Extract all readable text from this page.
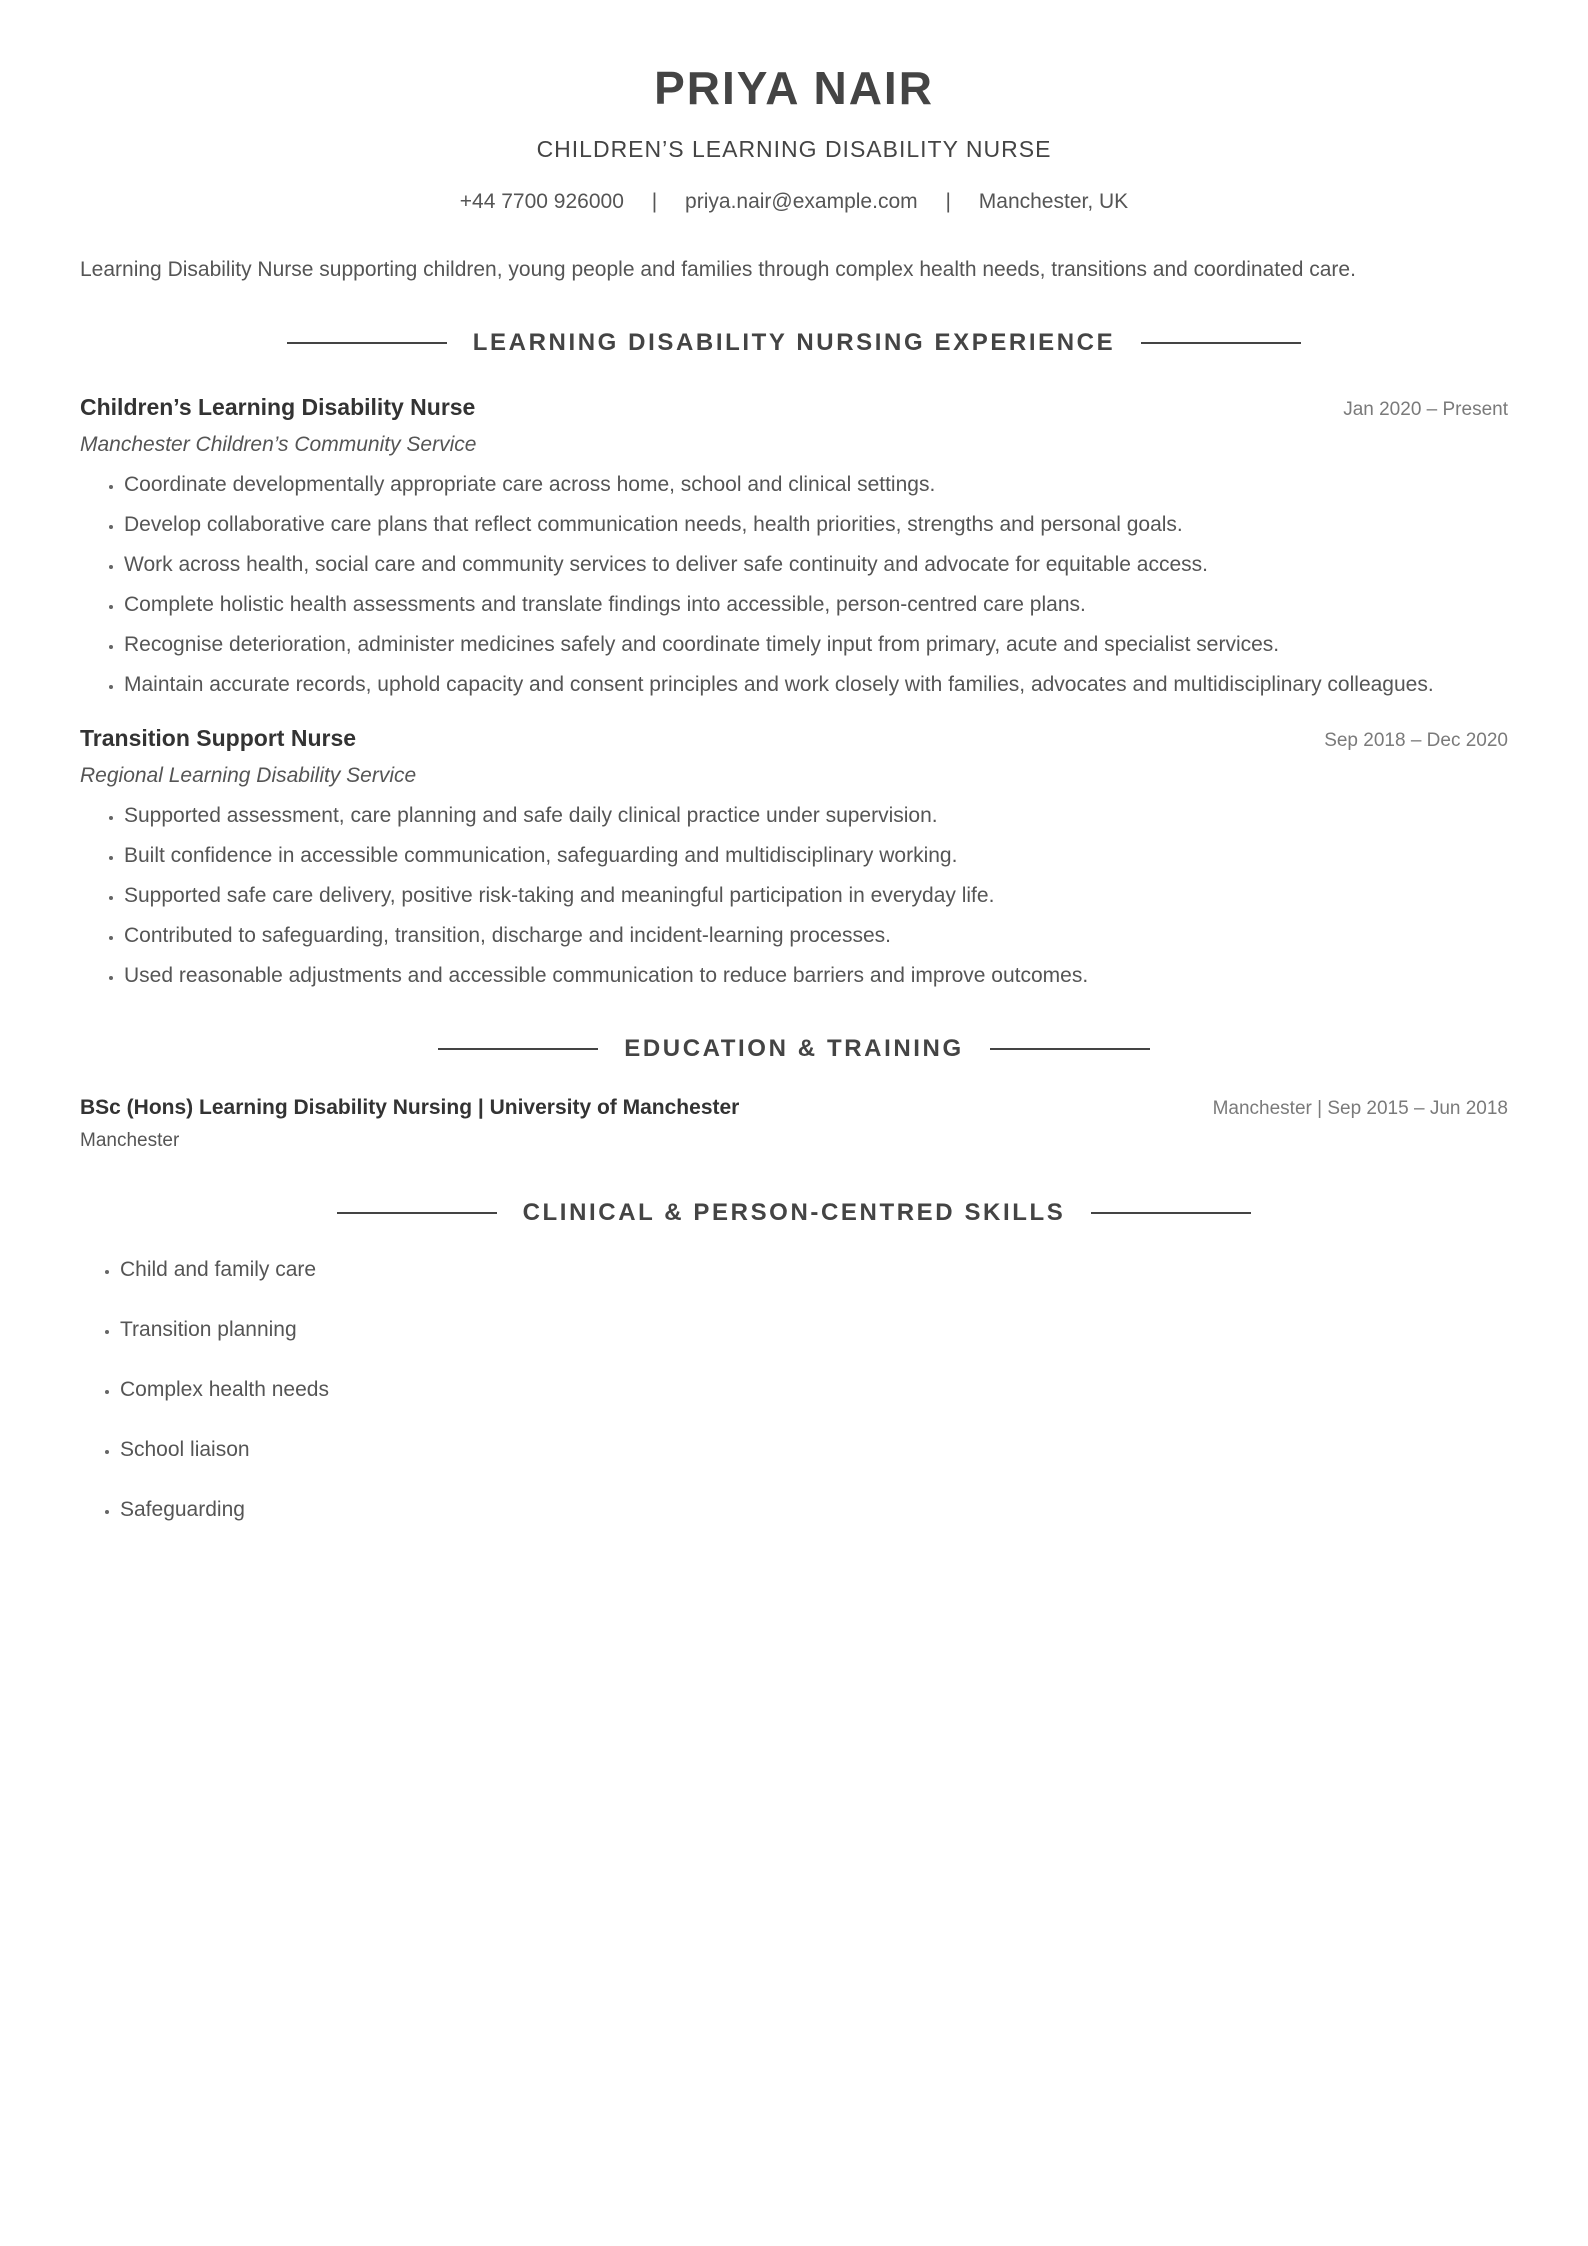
PRIYA NAIR
CHILDREN’S LEARNING DISABILITY NURSE
+44 7700 926000 | priya.nair@example.com | Manchester, UK

Learning Disability Nurse supporting children, young people and families through complex health needs, transitions and coordinated care.

LEARNING DISABILITY NURSING EXPERIENCE
Children’s Learning Disability Nurse	Jan 2020 – Present
Manchester Children’s Community Service
• Coordinate developmentally appropriate care across home, school and clinical settings.
• Develop collaborative care plans that reflect communication needs, health priorities, strengths and personal goals.
• Work across health, social care and community services to deliver safe continuity and advocate for equitable access.
• Complete holistic health assessments and translate findings into accessible, person-centred care plans.
• Recognise deterioration, administer medicines safely and coordinate timely input from primary, acute and specialist services.
• Maintain accurate records, uphold capacity and consent principles and work closely with families, advocates and multidisciplinary colleagues.
Transition Support Nurse	Sep 2018 – Dec 2020
Regional Learning Disability Service
• Supported assessment, care planning and safe daily clinical practice under supervision.
• Built confidence in accessible communication, safeguarding and multidisciplinary working.
• Supported safe care delivery, positive risk-taking and meaningful participation in everyday life.
• Contributed to safeguarding, transition, discharge and incident-learning processes.
• Used reasonable adjustments and accessible communication to reduce barriers and improve outcomes.
EDUCATION & TRAINING
BSc (Hons) Learning Disability Nursing | University of Manchester	Manchester | Sep 2015 – Jun 2018
Manchester
CLINICAL & PERSON-CENTRED SKILLS
• Child and family care
• Transition planning
• Complex health needs
• School liaison
• Safeguarding
